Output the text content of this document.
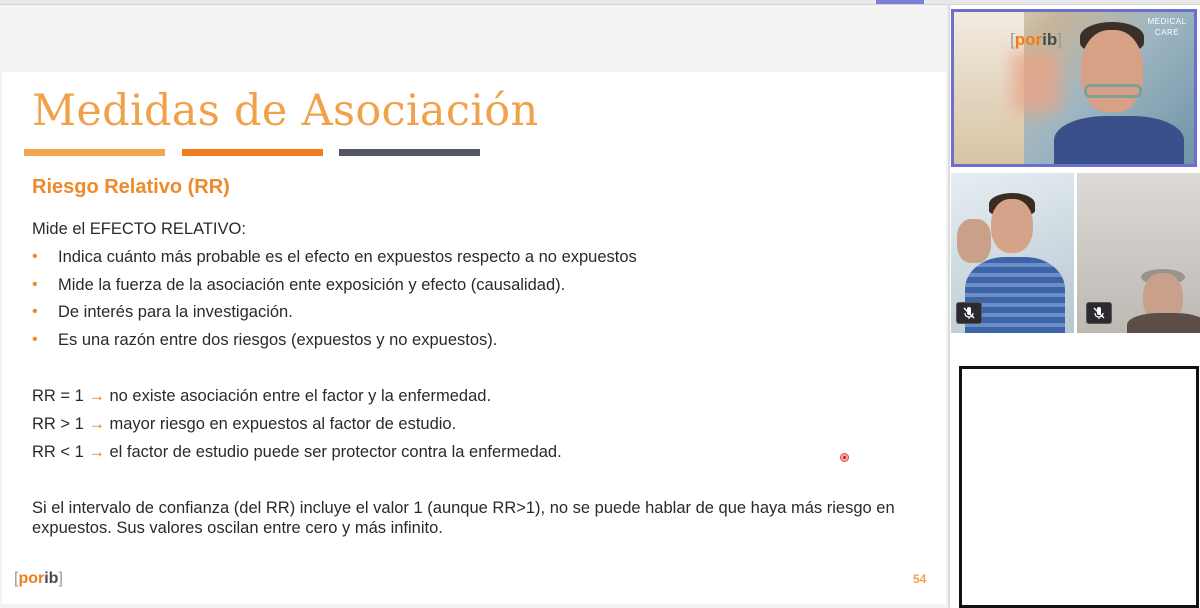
Medidas de Asociación
Riesgo Relativo (RR)
Mide el EFECTO RELATIVO:
• Indica cuánto más probable es el efecto en expuestos respecto a no expuestos
• Mide la fuerza de la asociación ente exposición y efecto (causalidad).
• De interés para la investigación.
• Es una razón entre dos riesgos (expuestos y no expuestos).
RR = 1 → no existe asociación entre el factor y la enfermedad.
RR > 1 → mayor riesgo en expuestos al factor de estudio.
RR < 1 → el factor de estudio puede ser protector contra la enfermedad.
Si el intervalo de confianza (del RR) incluye el valor 1 (aunque RR>1), no se puede hablar de que haya más riesgo en expuestos. Sus valores oscilan entre cero y más infinito.
[porib]	54
[porib]
MEDICAL
CARE
